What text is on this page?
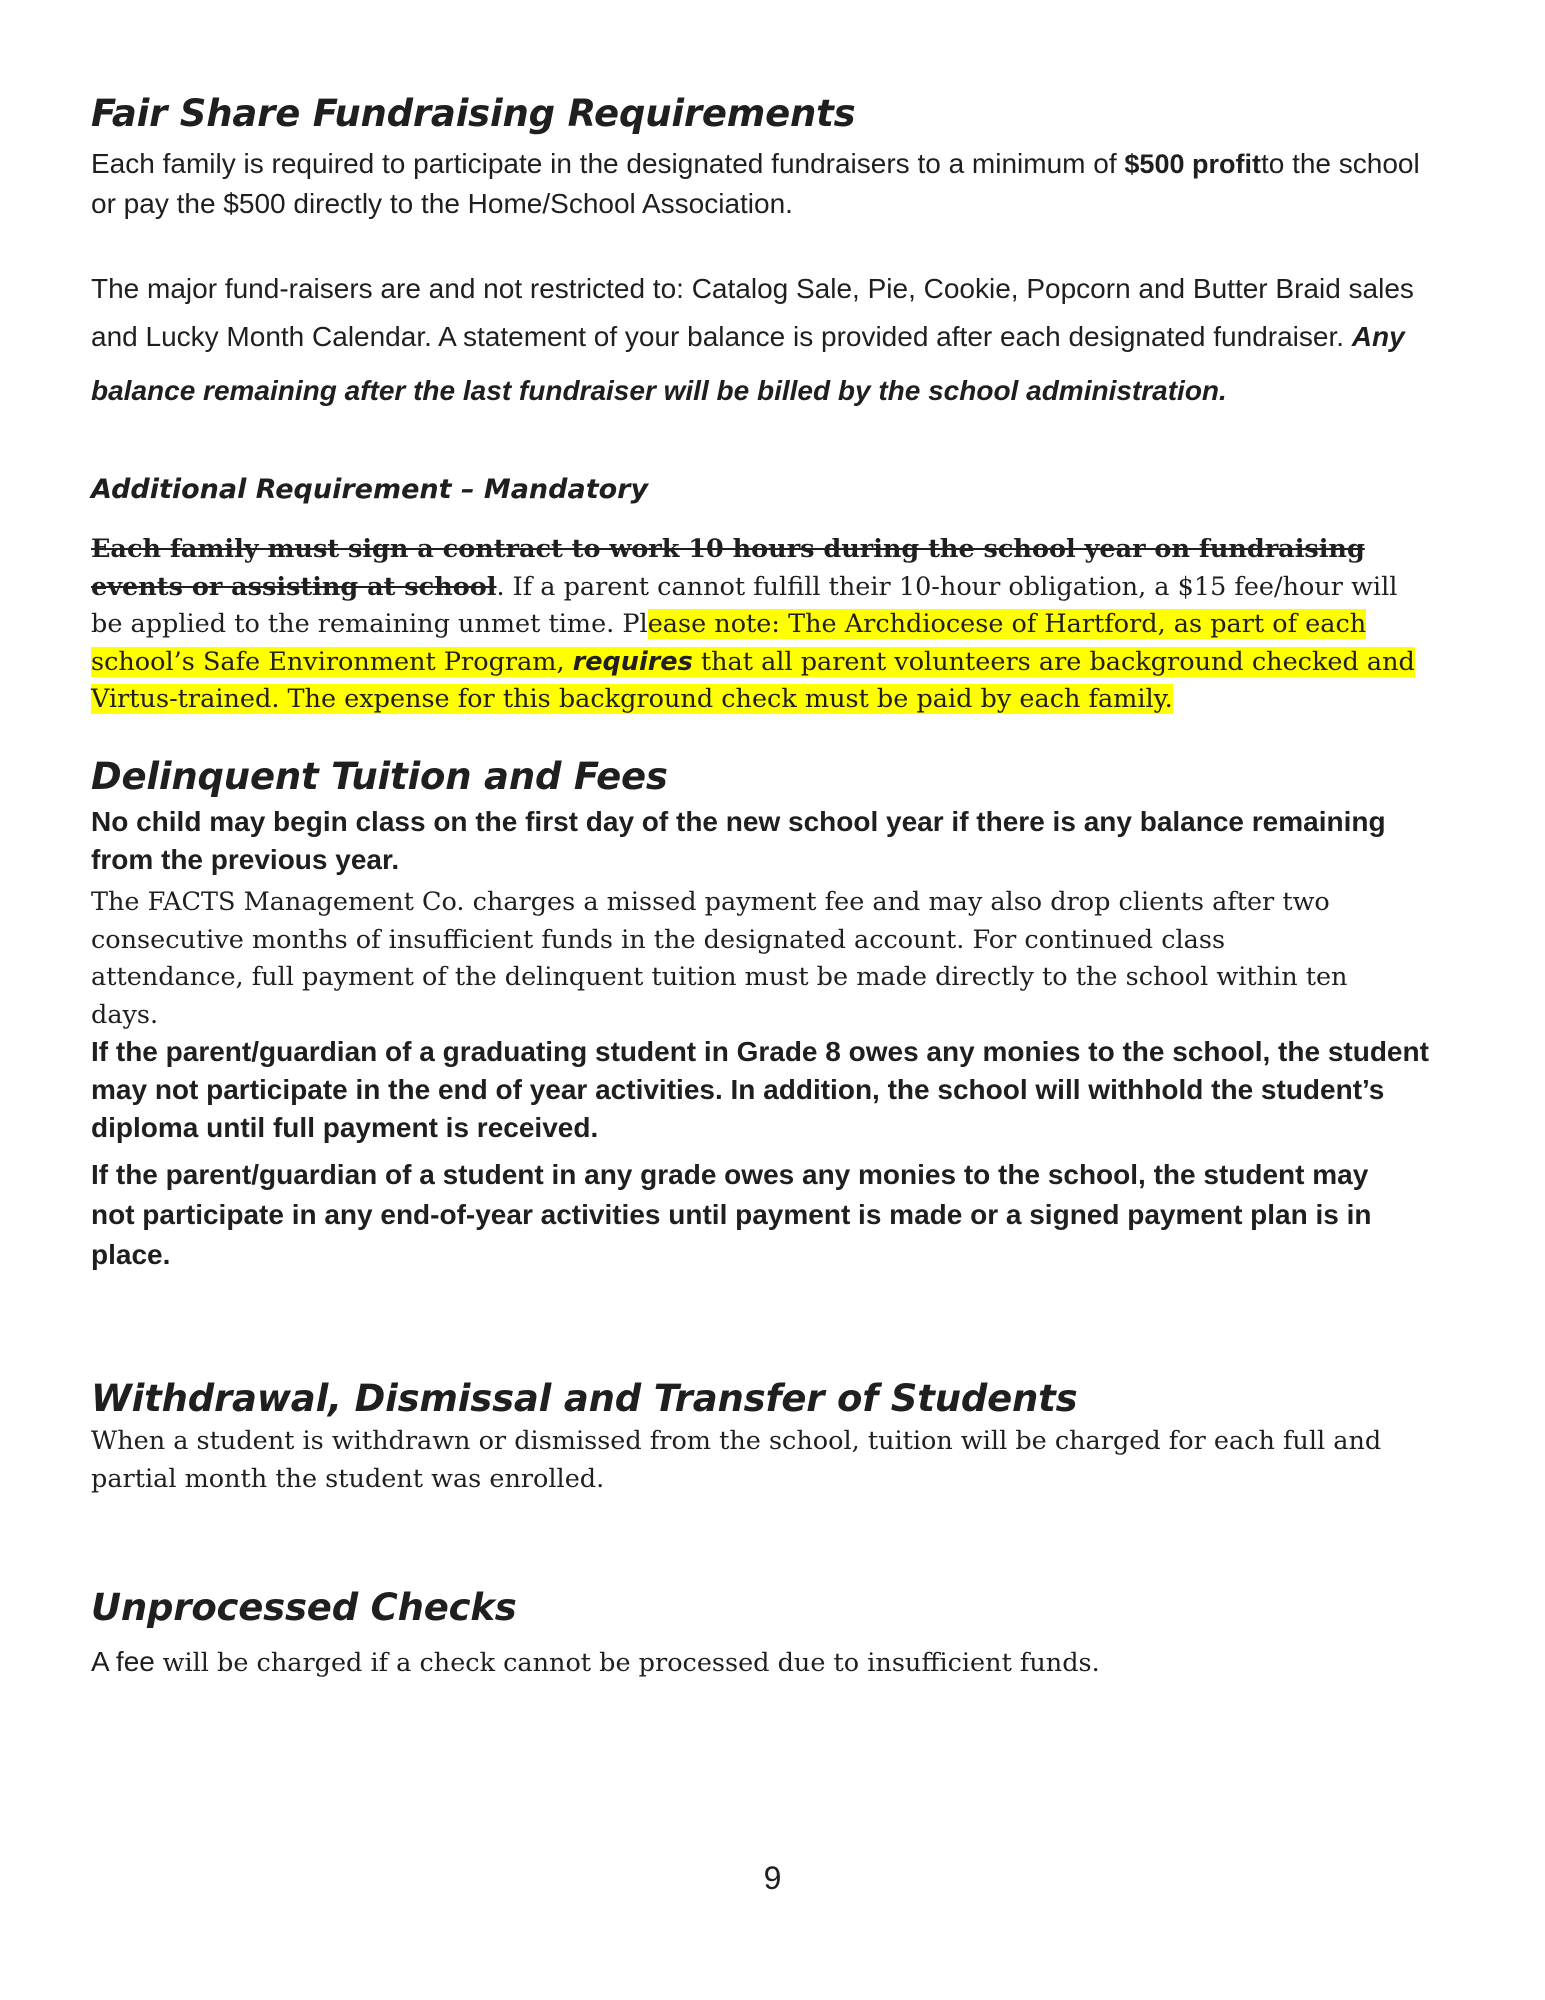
Fair Share Fundraising Requirements
Each family is required to participate in the designated fundraisers to a minimum of $500 profitto the school or pay the $500 directly to the Home/School Association.
The major fund-raisers are and not restricted to: Catalog Sale, Pie, Cookie, Popcorn and Butter Braid sales and Lucky Month Calendar. A statement of your balance is provided after each designated fundraiser. Any balance remaining after the last fundraiser will be billed by the school administration.
Additional Requirement – Mandatory
Each family must sign a contract to work 10 hours during the school year on fundraising events or assisting at school. If a parent cannot fulfill their 10-hour obligation, a $15 fee/hour will be applied to the remaining unmet time. Please note: The Archdiocese of Hartford, as part of each school’s Safe Environment Program, requires that all parent volunteers are background checked and Virtus-trained. The expense for this background check must be paid by each family.
Delinquent Tuition and Fees

No child may begin class on the first day of the new school year if there is any balance remaining from the previous year.

The FACTS Management Co. charges a missed payment fee and may also drop clients after two consecutive months of insufficient funds in the designated account. For continued class attendance, full payment of the delinquent tuition must be made directly to the school within ten days.

If the parent/guardian of a graduating student in Grade 8 owes any monies to the school, the student may not participate in the end of year activities. In addition, the school will withhold the student’s diploma until full payment is received.

If the parent/guardian of a student in any grade owes any monies to the school, the student may not participate in any end-of-year activities until payment is made or a signed payment plan is in place.

Withdrawal, Dismissal and Transfer of Students

When a student is withdrawn or dismissed from the school, tuition will be charged for each full and partial month the student was enrolled.

Unprocessed Checks
A fee will be charged if a check cannot be processed due to insufficient funds.
9
